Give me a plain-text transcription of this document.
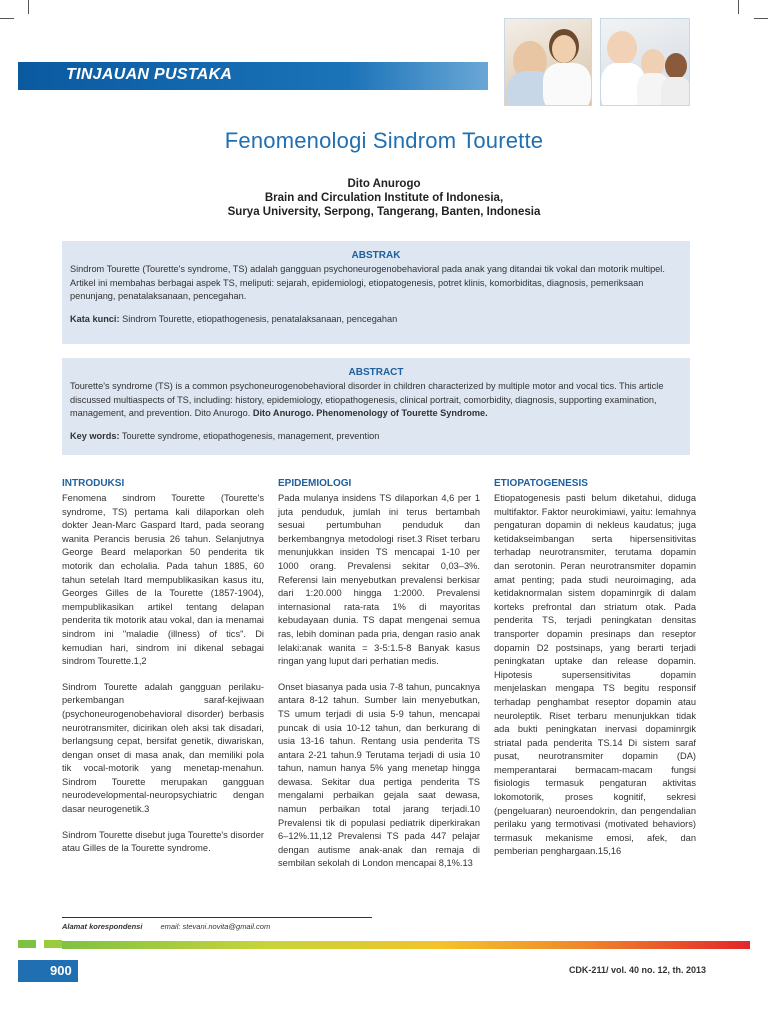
TINJAUAN PUSTAKA
Fenomenologi Sindrom Tourette
Dito Anurogo
Brain and Circulation Institute of Indonesia,
Surya University, Serpong, Tangerang, Banten, Indonesia
ABSTRAK

Sindrom Tourette (Tourette's syndrome, TS) adalah gangguan psychoneurogenobehavioral pada anak yang ditandai tik vokal dan motorik multipel. Artikel ini membahas berbagai aspek TS, meliputi: sejarah, epidemiologi, etiopatogenesis, potret klinis, komorbiditas, diagnosis, pemeriksaan penunjang, penatalaksanaan, pencegahan.

Kata kunci: Sindrom Tourette, etiopathogenesis, penatalaksanaan, pencegahan

ABSTRACT

Tourette's syndrome (TS) is a common psychoneurogenobehavioral disorder in children characterized by multiple motor and vocal tics. This article discussed multiaspects of TS, including: history, epidemiology, etiopathogenesis, clinical portrait, comorbidity, diagnosis, supporting examination, management, and prevention. Dito Anurogo. Dito Anurogo. Phenomenology of Tourette Syndrome.

Key words: Tourette syndrome, etiopathogenesis, management, prevention

INTRODUKSI

Fenomena sindrom Tourette (Tourette's syndrome, TS) pertama kali dilaporkan oleh dokter Jean-Marc Gaspard Itard, pada seorang wanita Perancis berusia 26 tahun. Selanjutnya George Beard melaporkan 50 penderita tik motorik dan echolalia. Pada tahun 1885, 60 tahun setelah Itard mempublikasikan kasus itu, Georges Gilles de la Tourette (1857-1904), mempublikasikan artikel tentang delapan penderita tik motorik atau vokal, dan ia menamai sindrom ini "maladie (illness) of tics". Di kemudian hari, sindrom ini dikenal sebagai sindrom Tourette.1,2

Sindrom Tourette adalah gangguan perilaku-perkembangan saraf-kejiwaan (psychoneurogenobehavioral disorder) berbasis neurotransmiter, dicirikan oleh aksi tak disadari, berlangsung cepat, bersifat genetik, diwariskan, dengan onset di masa anak, dan memiliki pola tik vocal-motorik yang menetap-menahun. Sindrom Tourette merupakan gangguan neurodevelopmental-neuropsychiatric dengan dasar neurogenetik.3

Sindrom Tourette disebut juga Tourette's disorder atau Gilles de la Tourette syndrome.

EPIDEMIOLOGI

Pada mulanya insidens TS dilaporkan 4,6 per 1 juta penduduk, jumlah ini terus bertambah sesuai pertumbuhan penduduk dan berkembangnya metodologi riset.3 Riset terbaru menunjukkan insiden TS mencapai 1-10 per 1000 orang. Prevalensi sekitar 0,03–3%. Referensi lain menyebutkan prevalensi berkisar dari 1:20.000 hingga 1:2000. Prevalensi internasional rata-rata 1% di mayoritas kebudayaan dunia. TS dapat mengenai semua ras, lebih dominan pada pria, dengan rasio anak lelaki:anak wanita = 3-5:1.5-8 Banyak kasus ringan yang luput dari perhatian medis.

Onset biasanya pada usia 7-8 tahun, puncaknya antara 8-12 tahun. Sumber lain menyebutkan, TS umum terjadi di usia 5-9 tahun, mencapai puncak di usia 10-12 tahun, dan berkurang di usia 13-16 tahun. Rentang usia penderita TS antara 2-21 tahun.9 Terutama terjadi di usia 10 tahun, namun hanya 5% yang menetap hingga dewasa. Sekitar dua pertiga penderita TS mengalami perbaikan gejala saat dewasa, namun perbaikan total jarang terjadi.10 Prevalensi tik di populasi pediatrik diperkirakan 6–12%.11,12 Prevalensi TS pada 447 pelajar dengan autisme anak-anak dan remaja di sembilan sekolah di London mencapai 8,1%.13

ETIOPATOGENESIS

Etiopatogenesis pasti belum diketahui, diduga multifaktor. Faktor neurokimiawi, yaitu: lemahnya pengaturan dopamin di nekleus kaudatus; juga ketidakseimbangan serta hipersensitivitas terhadap neurotransmiter, terutama dopamin dan serotonin. Peran neurotransmiter dopamin amat penting; pada studi neuroimaging, ada ketidaknormalan sistem dopaminrgik di dalam korteks prefrontal dan striatum otak. Pada penderita TS, terjadi peningkatan densitas transporter dopamin presinaps dan reseptor dopamin D2 postsinaps, yang berarti terjadi peningkatan uptake dan release dopamin. Hipotesis supersensitivitas dopamin menjelaskan mengapa TS begitu responsif terhadap penghambat reseptor dopamin atau neuroleptik. Riset terbaru menunjukkan tidak ada bukti peningkatan inervasi dopaminrgik striatal pada penderita TS.14 Di sistem saraf pusat, neurotransmiter dopamin (DA) memperantarai bermacam-macam fungsi fisiologis termasuk pengaturan aktivitas lokomotorik, proses kognitif, sekresi (pengeluaran) neuroendokrin, dan pengendalian perilaku yang termotivasi (motivated behaviors) termasuk mekanisme emosi, afek, dan pemberian penghargaan.15,16

Alamat korespondensi email: stevani.novita@gmail.com
900	CDK-211/ vol. 40 no. 12, th. 2013
